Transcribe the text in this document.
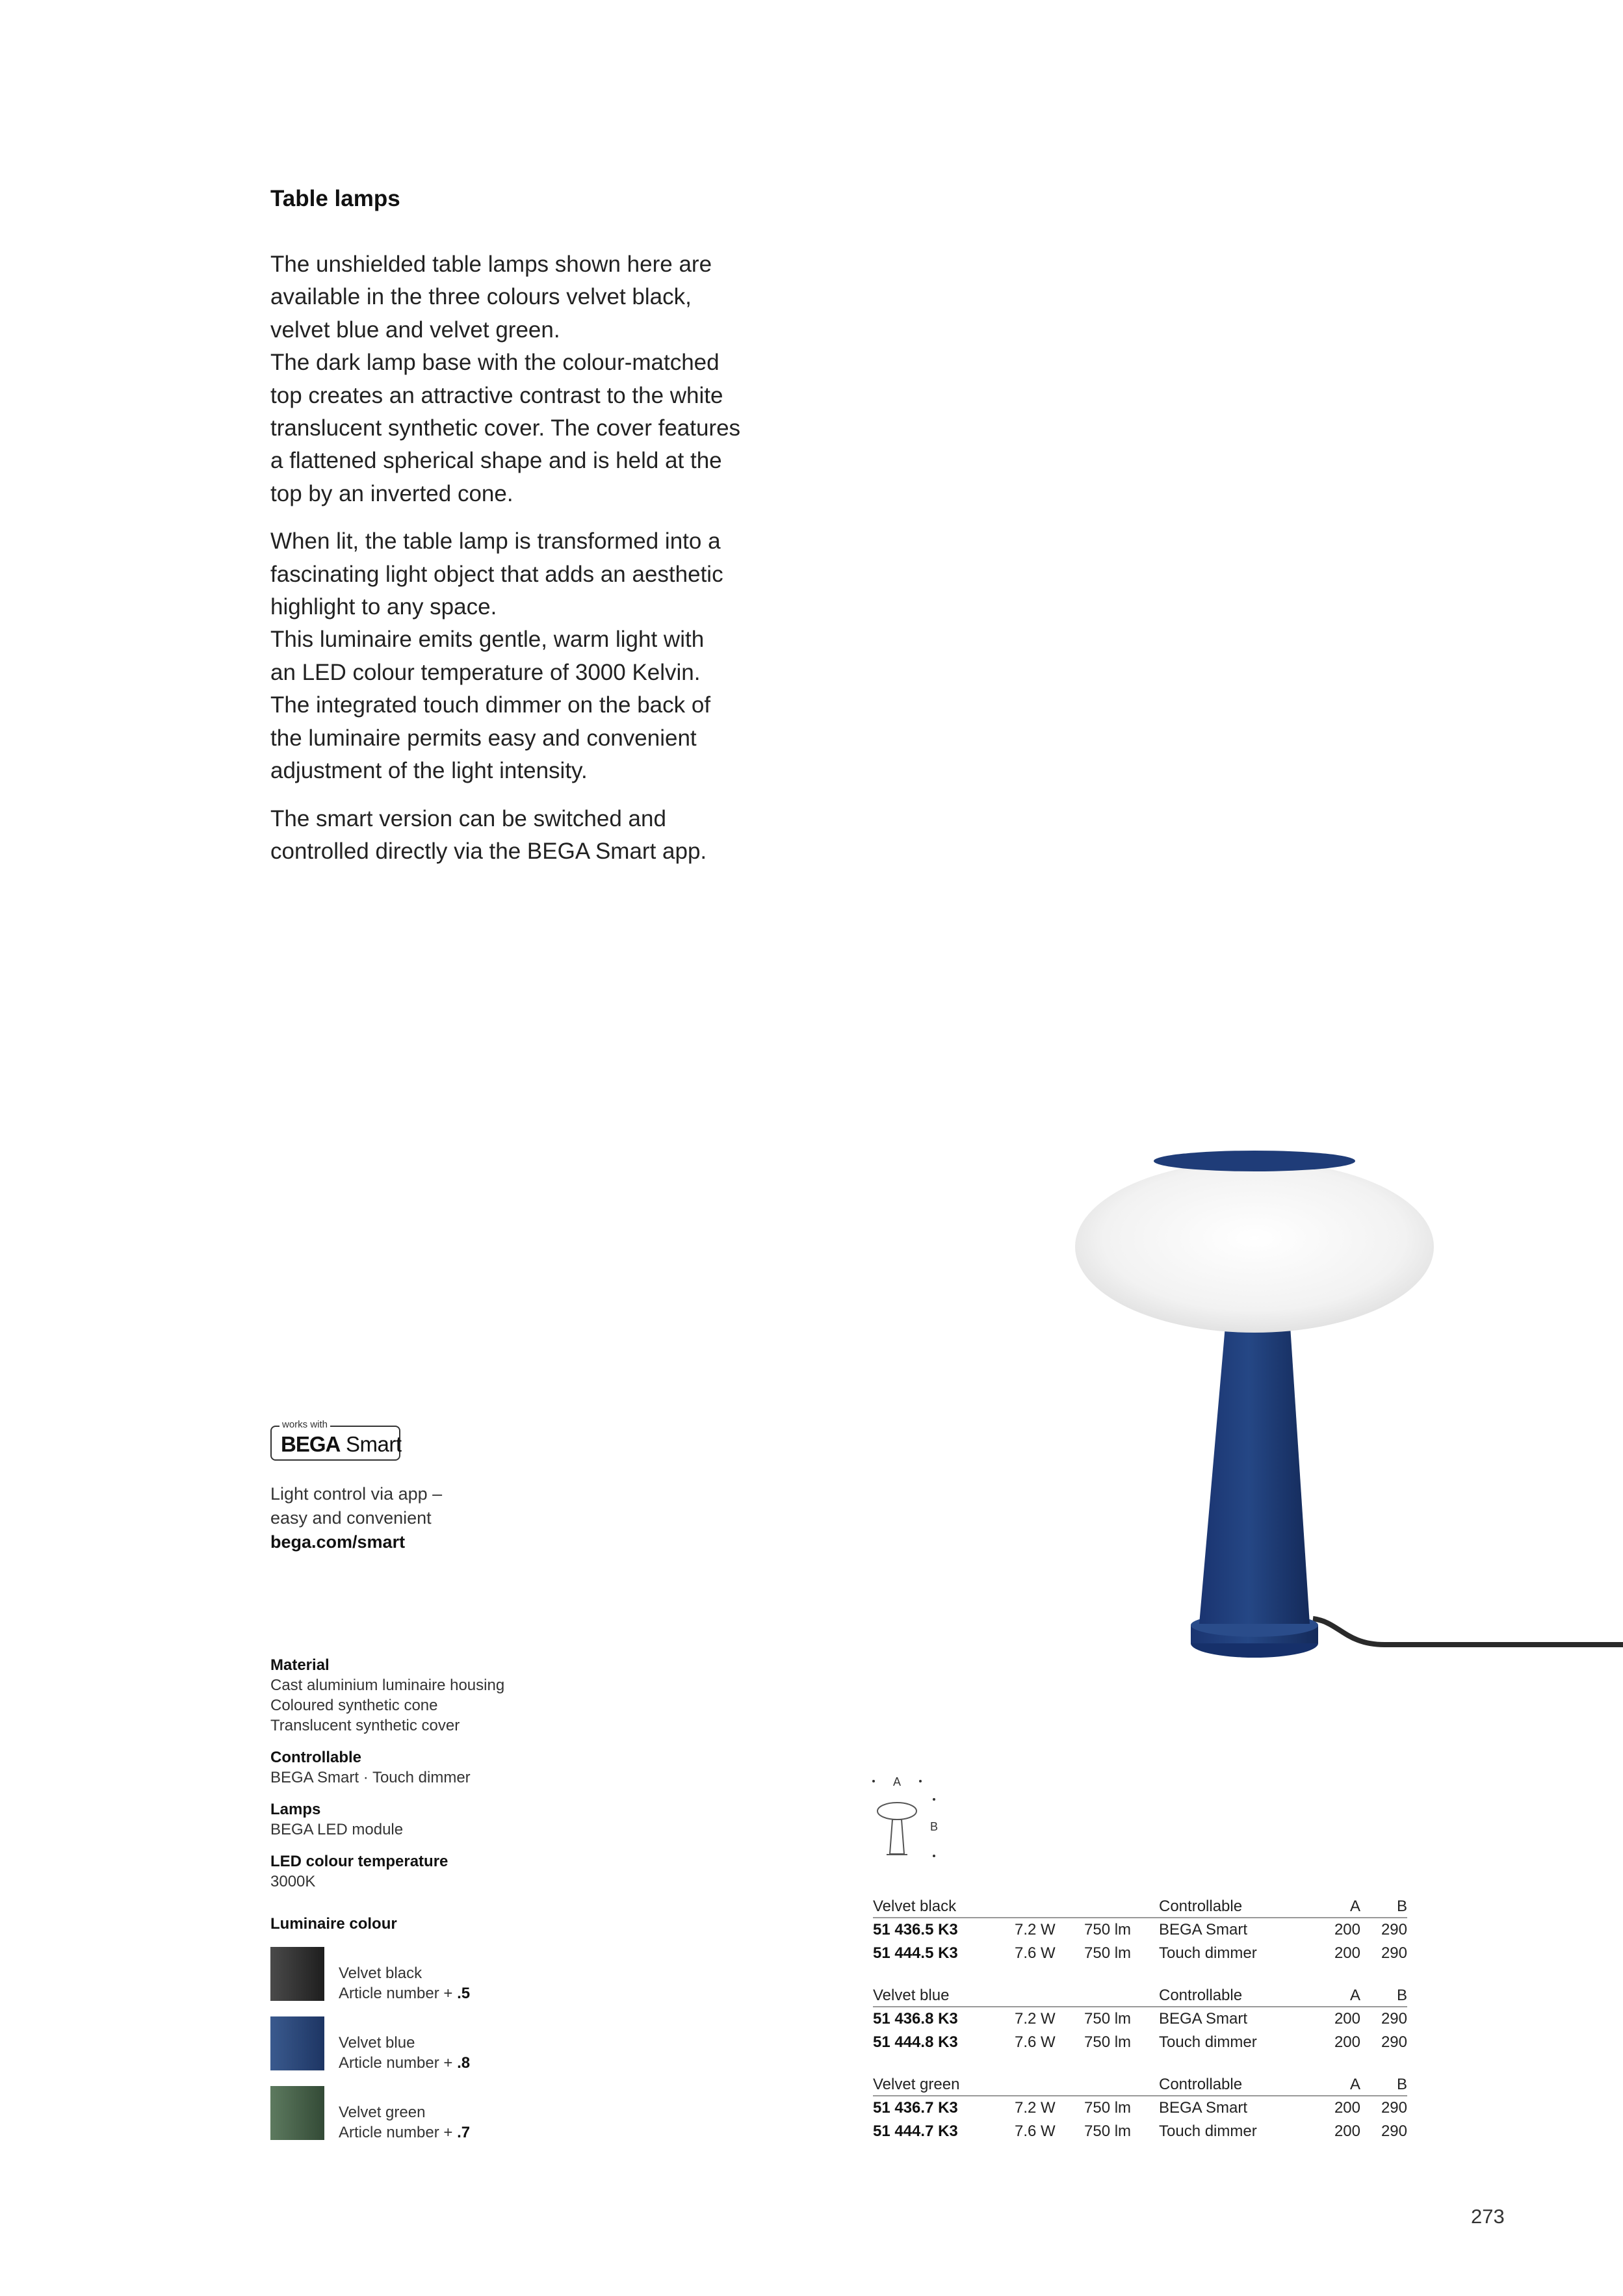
Table lamps

The unshielded table lamps shown here are
available in the three colours velvet black,
velvet blue and velvet green.
The dark lamp base with the colour-matched
top creates an attractive contrast to the white
translucent synthetic cover. The cover features
a flattened spherical shape and is held at the
top by an inverted cone.

When lit, the table lamp is transformed into a
fascinating light object that adds an aesthetic
highlight to any space.
This luminaire emits gentle, warm light with
an LED colour temperature of 3000 Kelvin.
The integrated touch dimmer on the back of
the luminaire permits easy and convenient
adjustment of the light intensity.

The smart version can be switched and
controlled directly via the BEGA Smart app.

works with
BEGA Smart
Light control via app –
easy and convenient
bega.com/smart
Material
Cast aluminium luminaire housing
Coloured synthetic cone
Translucent synthetic cover
Controllable
BEGA Smart · Touch dimmer
Lamps
BEGA LED module
LED colour temperature
3000K
Luminaire colour
Velvet black
Article number + .5
Velvet blue
Article number + .8
Velvet green
Article number + .7
A
B
Velvet black	Controllable	A B
51 436.5 K3	7.2 W 750 lm BEGA Smart	200 290
51 444.5 K3	7.6 W 750 lm Touch dimmer	200 290
Velvet blue	Controllable	A B
51 436.8 K3	7.2 W 750 lm BEGA Smart	200 290
51 444.8 K3	7.6 W 750 lm Touch dimmer	200 290
Velvet green	Controllable	A B
51 436.7 K3	7.2 W 750 lm BEGA Smart	200 290
51 444.7 K3	7.6 W 750 lm Touch dimmer	200 290
273
